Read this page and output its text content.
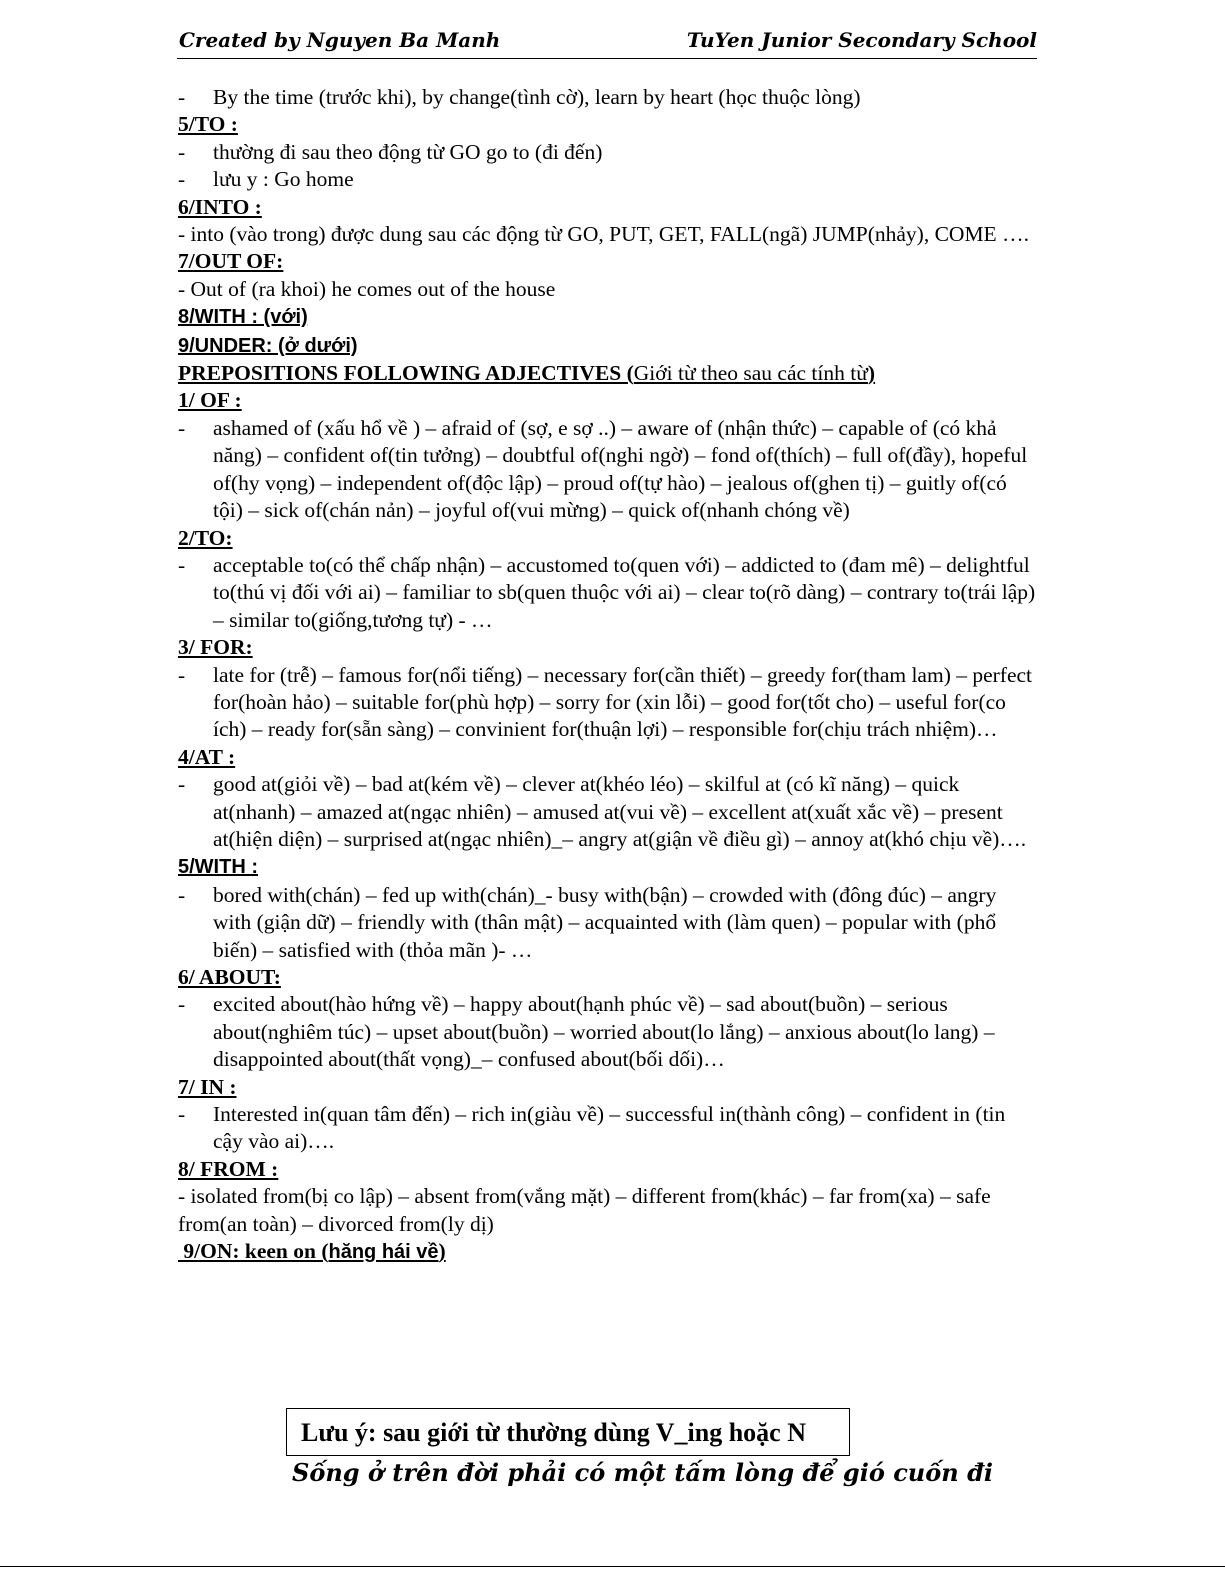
Created by Nguyen Ba Manh	TuYen Junior Secondary School
- By the time (trước khi), by change(tình cờ), learn by heart (học thuộc lòng)
5/TO :
- thường đi sau theo động từ GO go to (đi đến)
- lưu y : Go home
6/INTO :
- into (vào trong) được dung sau các động từ GO, PUT, GET, FALL(ngã) JUMP(nhảy), COME ….
7/OUT OF:
- Out of (ra khoi) he comes out of the house
8/WITH : (với)
9/UNDER: (ở dưới)
PREPOSITIONS FOLLOWING ADJECTIVES (Giới từ theo sau các tính từ)
1/ OF :
- ashamed of (xấu hổ về ) – afraid of (sợ, e sợ ..) – aware of (nhận thức) – capable of (có khả năng) – confident of(tin tưởng) – doubtful of(nghi ngờ) – fond of(thích) – full of(đầy), hopeful of(hy vọng) – independent of(độc lập) – proud of(tự hào) – jealous of(ghen tị) – guitly of(có tội) – sick of(chán nản) – joyful of(vui mừng) – quick of(nhanh chóng về)
2/TO:
- acceptable to(có thể chấp nhận) – accustomed to(quen với) – addicted to (đam mê) – delightful to(thú vị đối với ai) – familiar to sb(quen thuộc với ai) – clear to(rõ dàng) – contrary to(trái lập) – similar to(giống,tương tự) - …
3/ FOR:
- late for (trễ) – famous for(nổi tiếng) – necessary for(cần thiết) – greedy for(tham lam) – perfect for(hoàn hảo) – suitable for(phù hợp) – sorry for (xin lỗi) – good for(tốt cho) – useful for(co ích) – ready for(sẵn sàng) – convinient for(thuận lợi) – responsible for(chịu trách nhiệm)…
4/AT :
- good at(giỏi về) – bad at(kém về) – clever at(khéo léo) – skilful at (có kĩ năng) – quick at(nhanh) – amazed at(ngạc nhiên) – amused at(vui về) – excellent at(xuất xắc về) – present at(hiện diện) – surprised at(ngạc nhiên)_– angry at(giận về điều gì) – annoy at(khó chịu về)….
5/WITH :
- bored with(chán) – fed up with(chán)_- busy with(bận) – crowded with (đông đúc) – angry with (giận dữ) – friendly with (thân mật) – acquainted with (làm quen) – popular with (phổ biến) – satisfied with (thỏa mãn )- …
6/ ABOUT:
- excited about(hào hứng về) – happy about(hạnh phúc về) – sad about(buồn) – serious about(nghiêm túc) – upset about(buồn) – worried about(lo lắng) – anxious about(lo lang) – disappointed about(thất vọng)_– confused about(bối dối)…
7/ IN :
- Interested in(quan tâm đến) – rich in(giàu về) – successful in(thành công) – confident in (tin cậy vào ai)….
8/ FROM :
- isolated from(bị co lập) – absent from(vắng mặt) – different from(khác) – far from(xa) – safe from(an toàn) – divorced from(ly dị)
9/ON: keen on (hăng hái về)
Lưu ý: sau giới từ thường dùng V_ing hoặc N
Sống ở trên đời phải có một tấm lòng để gió cuốn đi
